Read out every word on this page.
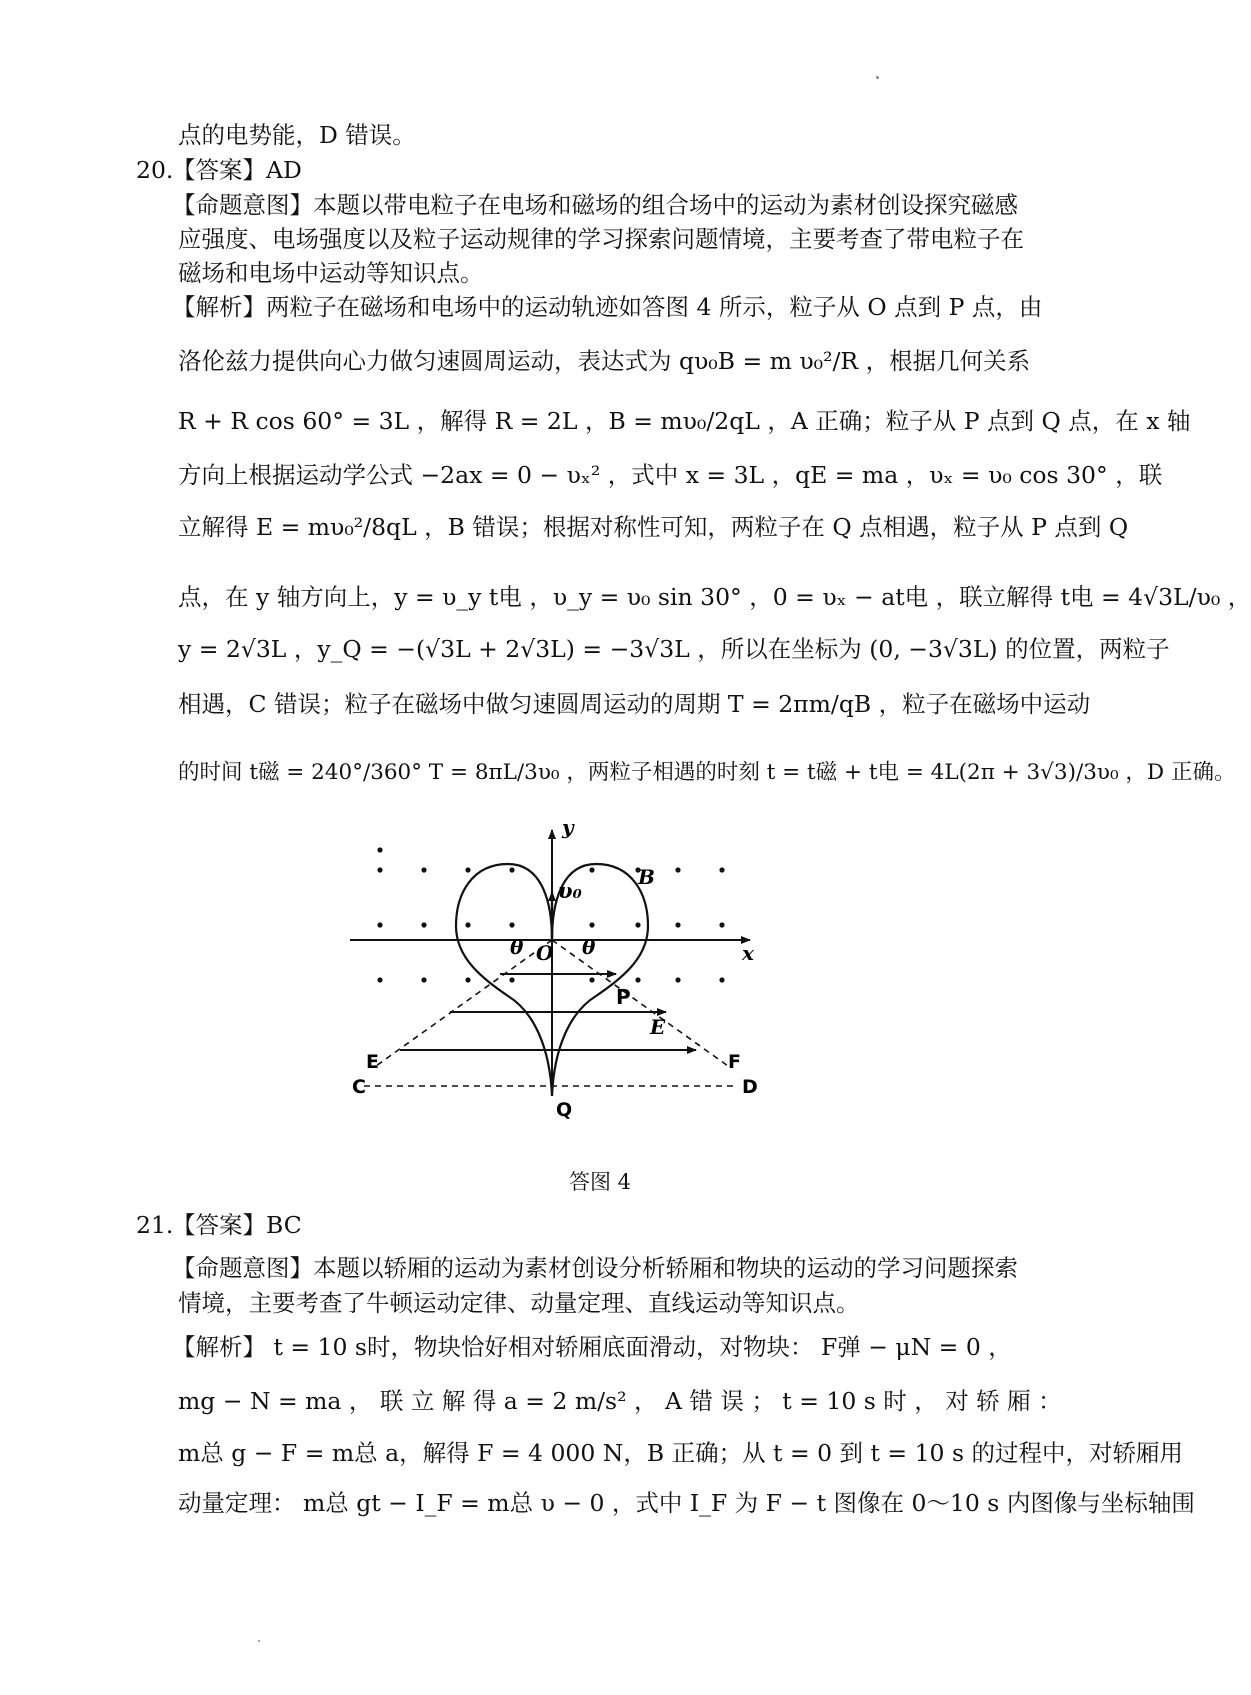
点的电势能，D 错误。
20.
【答案】AD
【命题意图】本题以带电粒子在电场和磁场的组合场中的运动为素材创设探究磁感
应强度、电场强度以及粒子运动规律的学习探索问题情境，主要考查了带电粒子在
磁场和电场中运动等知识点。
【解析】两粒子在磁场和电场中的运动轨迹如答图 4 所示，粒子从 O 点到 P 点，由
洛伦兹力提供向心力做匀速圆周运动，表达式为 qυ₀B = m υ₀²/R ，根据几何关系
R + R cos 60° = 3L ，解得 R = 2L ，B = mυ₀/2qL ，A 正确；粒子从 P 点到 Q 点，在 x 轴
方向上根据运动学公式 −2ax = 0 − υₓ² ，式中 x = 3L ，qE = ma ，υₓ = υ₀ cos 30° ，联
立解得 E = mυ₀²/8qL ，B 错误；根据对称性可知，两粒子在 Q 点相遇，粒子从 P 点到 Q
点，在 y 轴方向上，y = υ_y t电 ，υ_y = υ₀ sin 30° ，0 = υₓ − at电 ，联立解得 t电 = 4√3L/υ₀ ，
y = 2√3L ，y_Q = −(√3L + 2√3L) = −3√3L ，所以在坐标为 (0, −3√3L) 的位置，两粒子
相遇，C 错误；粒子在磁场中做匀速圆周运动的周期 T = 2πm/qB ，粒子在磁场中运动
的时间 t磁 = 240°/360° T = 8πL/3υ₀ ，两粒子相遇的时刻 t = t磁 + t电 = 4L(2π + 3√3)/3υ₀ ，D 正确。
y
x
υ₀
B
O
θ	θ
P
E
E	F
C	D
Q
答图 4
21.
【答案】BC
【命题意图】本题以轿厢的运动为素材创设分析轿厢和物块的运动的学习问题探索
情境，主要考查了牛顿运动定律、动量定理、直线运动等知识点。
【解析】 t = 10 s时，物块恰好相对轿厢底面滑动，对物块： F弹 − μN = 0 ，
mg − N = ma ， 联 立 解 得 a = 2 m/s² ， A 错 误 ； t = 10 s 时 ， 对 轿 厢 ：
m总 g − F = m总 a，解得 F = 4 000 N，B 正确；从 t = 0 到 t = 10 s 的过程中，对轿厢用
动量定理： m总 gt − I_F = m总 υ − 0 ，式中 I_F 为 F − t 图像在 0～10 s 内图像与坐标轴围
